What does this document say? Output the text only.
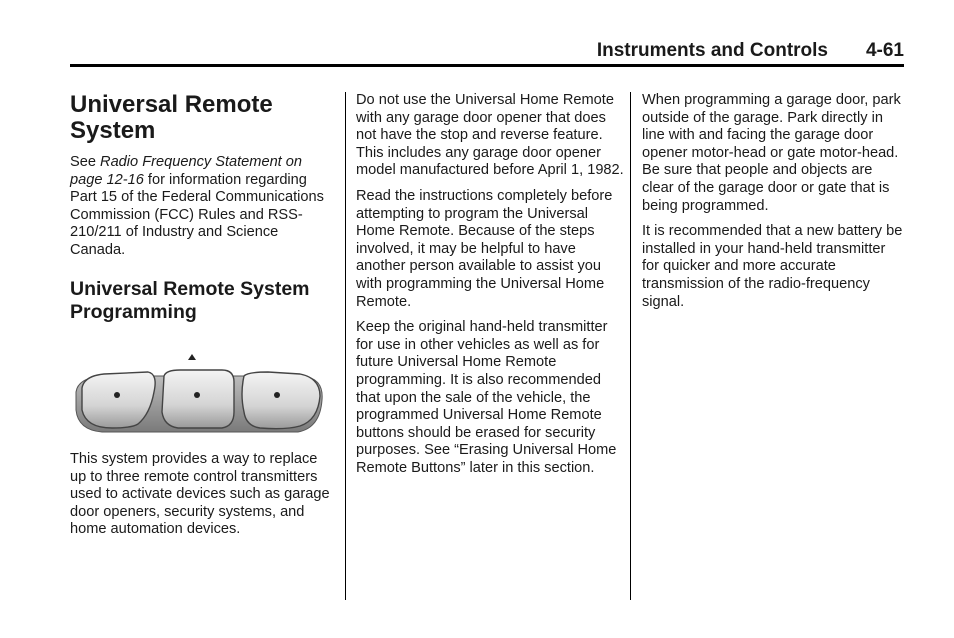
Instruments and Controls 4-61
Universal Remote System

See Radio Frequency Statement on page 12-16 for information regarding Part 15 of the Federal Communications Commission (FCC) Rules and RSS-210/211 of Industry and Science Canada.

Universal Remote System Programming

This system provides a way to replace up to three remote control transmitters used to activate devices such as garage door openers, security systems, and home automation devices.

Do not use the Universal Home Remote with any garage door opener that does not have the stop and reverse feature. This includes any garage door opener model manufactured before April 1, 1982.

Read the instructions completely before attempting to program the Universal Home Remote. Because of the steps involved, it may be helpful to have another person available to assist you with programming the Universal Home Remote.

Keep the original hand-held transmitter for use in other vehicles as well as for future Universal Home Remote programming. It is also recommended that upon the sale of the vehicle, the programmed Universal Home Remote buttons should be erased for security purposes. See “Erasing Universal Home Remote Buttons” later in this section.

When programming a garage door, park outside of the garage. Park directly in line with and facing the garage door opener motor-head or gate motor-head. Be sure that people and objects are clear of the garage door or gate that is being programmed.

It is recommended that a new battery be installed in your hand-held transmitter for quicker and more accurate transmission of the radio-frequency signal.
